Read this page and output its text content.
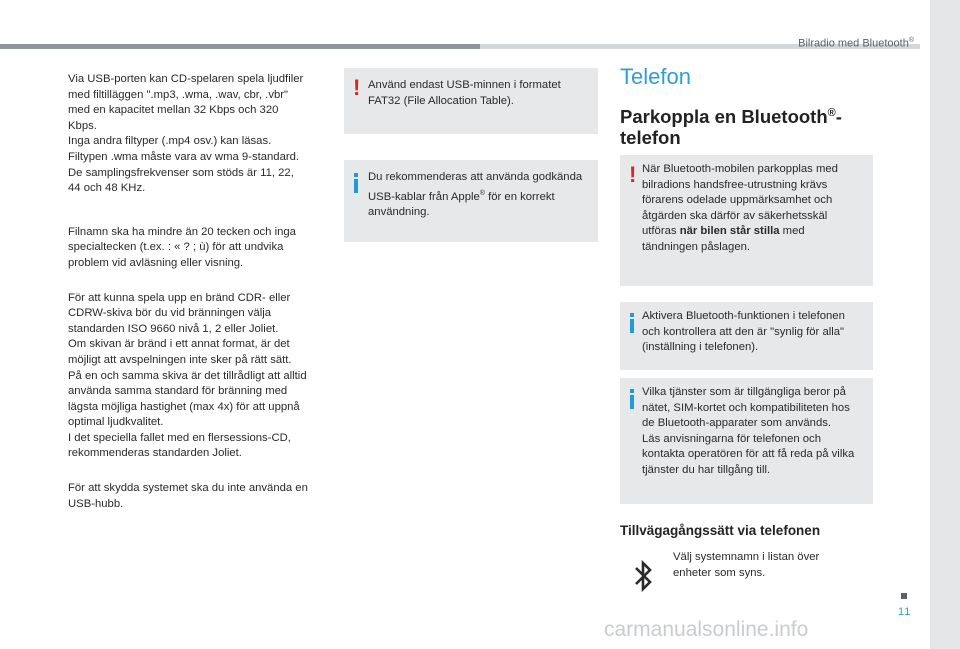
Bilradio med Bluetooth®

Via USB-porten kan CD-spelaren spela ljudfiler
med filtilläggen ".mp3, .wma, .wav, cbr, .vbr"
med en kapacitet mellan 32 Kbps och 320
Kbps.
Inga andra filtyper (.mp4 osv.) kan läsas.
Filtypen .wma måste vara av wma 9-standard.
De samplingsfrekvenser som stöds är 11, 22,
44 och 48 KHz.

Filnamn ska ha mindre än 20 tecken och inga
specialtecken (t.ex. : « ? ; ù) för att undvika
problem vid avläsning eller visning.

För att kunna spela upp en bränd CDR- eller
CDRW-skiva bör du vid bränningen välja
standarden ISO 9660 nivå 1, 2 eller Joliet.
Om skivan är bränd i ett annat format, är det
möjligt att avspelningen inte sker på rätt sätt.
På en och samma skiva är det tillrådligt att alltid
använda samma standard för bränning med
lägsta möjliga hastighet (max 4x) för att uppnå
optimal ljudkvalitet.
I det speciella fallet med en flersessions-CD,
rekommenderas standarden Joliet.

För att skydda systemet ska du inte använda en
USB-hubb.

! Använd endast USB-minnen i formatet
FAT32 (File Allocation Table).
Du rekommenderas att använda godkända
USB-kablar från Apple® för en korrekt
användning.
Telefon
Parkoppla en Bluetooth®-
telefon
! När Bluetooth-mobilen parkopplas med
bilradions handsfree-utrustning krävs
förarens odelade uppmärksamhet och
åtgärden ska därför av säkerhetsskäl
utföras när bilen står stilla med
tändningen påslagen.
Aktivera Bluetooth-funktionen i telefonen
och kontrollera att den är "synlig för alla"
(inställning i telefonen).
Vilka tjänster som är tillgängliga beror på
nätet, SIM-kortet och kompatibiliteten hos
de Bluetooth-apparater som används.
Läs anvisningarna för telefonen och
kontakta operatören för att få reda på vilka
tjänster du har tillgång till.
Tillvägagångssätt via telefonen
Välj systemnamn i listan över
enheter som syns.
11
carmanualsonline.info
